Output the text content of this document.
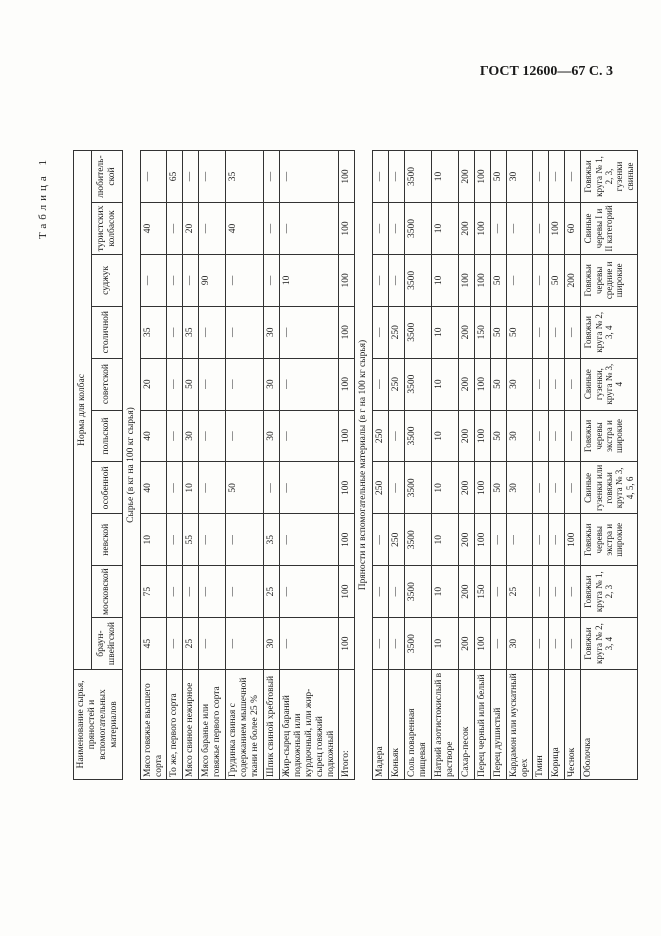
ГОСТ 12600—67 С. 3
Таблица 1
Наименование сырья, пряностей и вспомогательных материалов	Норма для колбас									
	браун-швейгской	московской	невской	особенной	польской	советской	столичной	суджук	туристских колбасок	любитель-ской
Сырье (в кг на 100 кг сырья)										
Мясо говяжье высшего сорта	45	75	10	40	40	20	35	—	40	—
То же, первого сорта	—	—	—	—	—	—	—	—	—	65
Мясо свиное нежирное	25	—	55	10	30	50	35	—	20	—
Мясо баранье или говяжье первого сорта	—	—	—	—	—	—	—	90	—	—
Грудинка свиная с содержанием мышечной ткани не более 25 %	—	—	—	50	—	—	—	—	40	35
Шпик свиной хребтовый	30	25	35	—	30	30	30	—	—	—
Жир-сырец бараний подкожный или курдючный, или жир-сырец говяжий подкожный	—	—	—	—	—	—	—	10	—	—
Итого:	100	100	100	100	100	100	100	100	100	100
Пряности и вспомогательные материалы (в г на 100 кг сырья)										
Мадера	—	—	—	250	250	—	—	—	—	—
Коньяк	—	—	250	—	—	250	250	—	—	—
Соль поваренная пищевая	3500	3500	3500	3500	3500	3500	3500	3500	3500	3500
Натрий азотистокислый в растворе	10	10	10	10	10	10	10	10	10	10
Сахар-песок	200	200	200	200	200	200	200	100	200	200
Перец черный или белый	100	150	100	100	100	100	150	100	100	100
Перец душистый	—	—	—	50	50	50	50	50	—	50
Кардамон или мускатный орех	30	25	—	30	30	30	50	—	—	30
Тмин	—	—	—	—	—	—	—	—	—	—
Корица	—	—	—	—	—	—	—	50	100	—
Чеснок	—	—	100	—	—	—	—	200	60	—
Оболочка	Говяжьи круга № 2, 3, 4	Говяжьи круга № 1, 2, 3	Говяжьи черевы экстра и широкие	Свиные гузенки или говяжьи круга № 3, 4, 5, 6	Говяжьи черевы экстра и широкие	Свиные гузенки, круга № 3, 4	Говяжьи круга № 2, 3, 4	Говяжьи черевы средние и широкие	Свиные черевы I и II категорий	Говяжьи круга № 1, 2, 3, гузенки свиные
